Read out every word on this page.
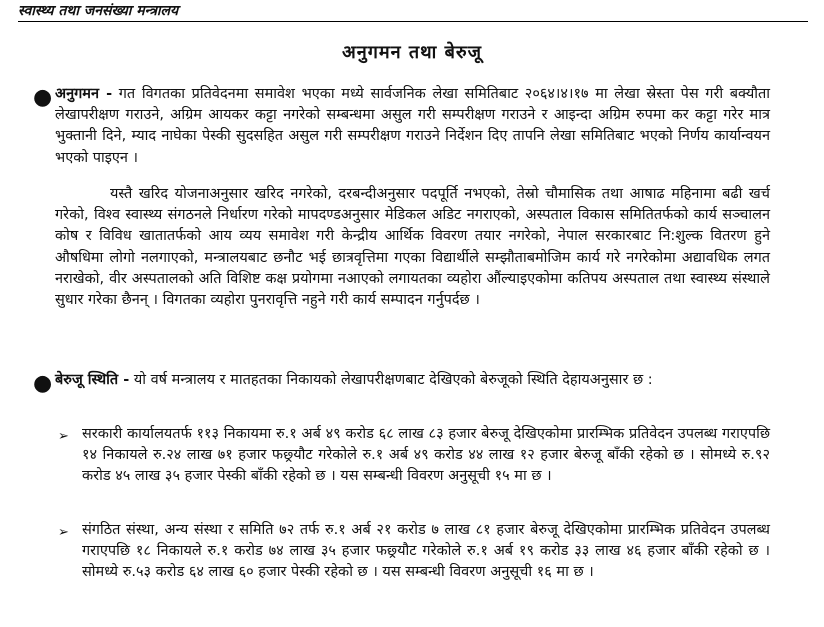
स्वास्थ्य तथा जनसंख्या मन्त्रालय
अनुगमन तथा बेरुजू
● अनुगमन - गत विगतका प्रतिवेदनमा समावेश भएका मध्ये सार्वजनिक लेखा समितिबाट २०६४।४।१७ मा लेखा स्रेस्ता पेस गरी बक्यौता लेखापरीक्षण गराउने, अग्रिम आयकर कट्टा नगरेको सम्बन्धमा असुल गरी सम्परीक्षण गराउने र आइन्दा अग्रिम रुपमा कर कट्टा गरेर मात्र भुक्तानी दिने, म्याद नाघेका पेस्की सुदसहित असुल गरी सम्परीक्षण गराउने निर्देशन दिए तापनि लेखा समितिबाट भएको निर्णय कार्यान्वयन भएको पाइएन ।

यस्तै खरिद योजनाअनुसार खरिद नगरेको, दरबन्दीअनुसार पदपूर्ति नभएको, तेस्रो चौमासिक तथा आषाढ महिनामा बढी खर्च गरेको, विश्व स्वास्थ्य संगठनले निर्धारण गरेको मापदण्डअनुसार मेडिकल अडिट नगराएको, अस्पताल विकास समितितर्फको कार्य सञ्चालन कोष र विविध खातातर्फको आय व्यय समावेश गरी केन्द्रीय आर्थिक विवरण तयार नगरेको, नेपाल सरकारबाट नि:शुल्क वितरण हुने औषधिमा लोगो नलगाएको, मन्त्रालयबाट छनौट भई छात्रवृत्तिमा गएका विद्यार्थीले सम्झौताबमोजिम कार्य गरे नगरेकोमा अद्यावधिक लगत नराखेको, वीर अस्पतालको अति विशिष्ट कक्ष प्रयोगमा नआएको लगायतका व्यहोरा औंल्याइएकोमा कतिपय अस्पताल तथा स्वास्थ्य संस्थाले सुधार गरेका छैनन् । विगतका व्यहोरा पुनरावृत्ति नहुने गरी कार्य सम्पादन गर्नुपर्दछ ।

● बेरुजू स्थिति - यो वर्ष मन्त्रालय र मातहतका निकायको लेखापरीक्षणबाट देखिएको बेरुजूको स्थिति देहायअनुसार छ :

➢ सरकारी कार्यालयतर्फ ११३ निकायमा रु.१ अर्ब ४९ करोड ६८ लाख ८३ हजार बेरुजू देखिएकोमा प्रारम्भिक प्रतिवेदन उपलब्ध गराएपछि १४ निकायले रु.२४ लाख ७१ हजार फछ्र्यौट गरेकोले रु.१ अर्ब ४९ करोड ४४ लाख १२ हजार बेरुजू बाँकी रहेको छ । सोमध्ये रु.९२ करोड ४५ लाख ३५ हजार पेस्की बाँकी रहेको छ । यस सम्बन्धी विवरण अनुसूची १५ मा छ ।

➢ संगठित संस्था, अन्य संस्था र समिति ७२ तर्फ रु.१ अर्ब २१ करोड ७ लाख ८१ हजार बेरुजू देखिएकोमा प्रारम्भिक प्रतिवेदन उपलब्ध गराएपछि १८ निकायले रु.१ करोड ७४ लाख ३५ हजार फछ्र्यौट गरेकोले रु.१ अर्ब १९ करोड ३३ लाख ४६ हजार बाँकी रहेको छ । सोमध्ये रु.५३ करोड ६४ लाख ६० हजार पेस्की रहेको छ । यस सम्बन्धी विवरण अनुसूची १६ मा छ ।
